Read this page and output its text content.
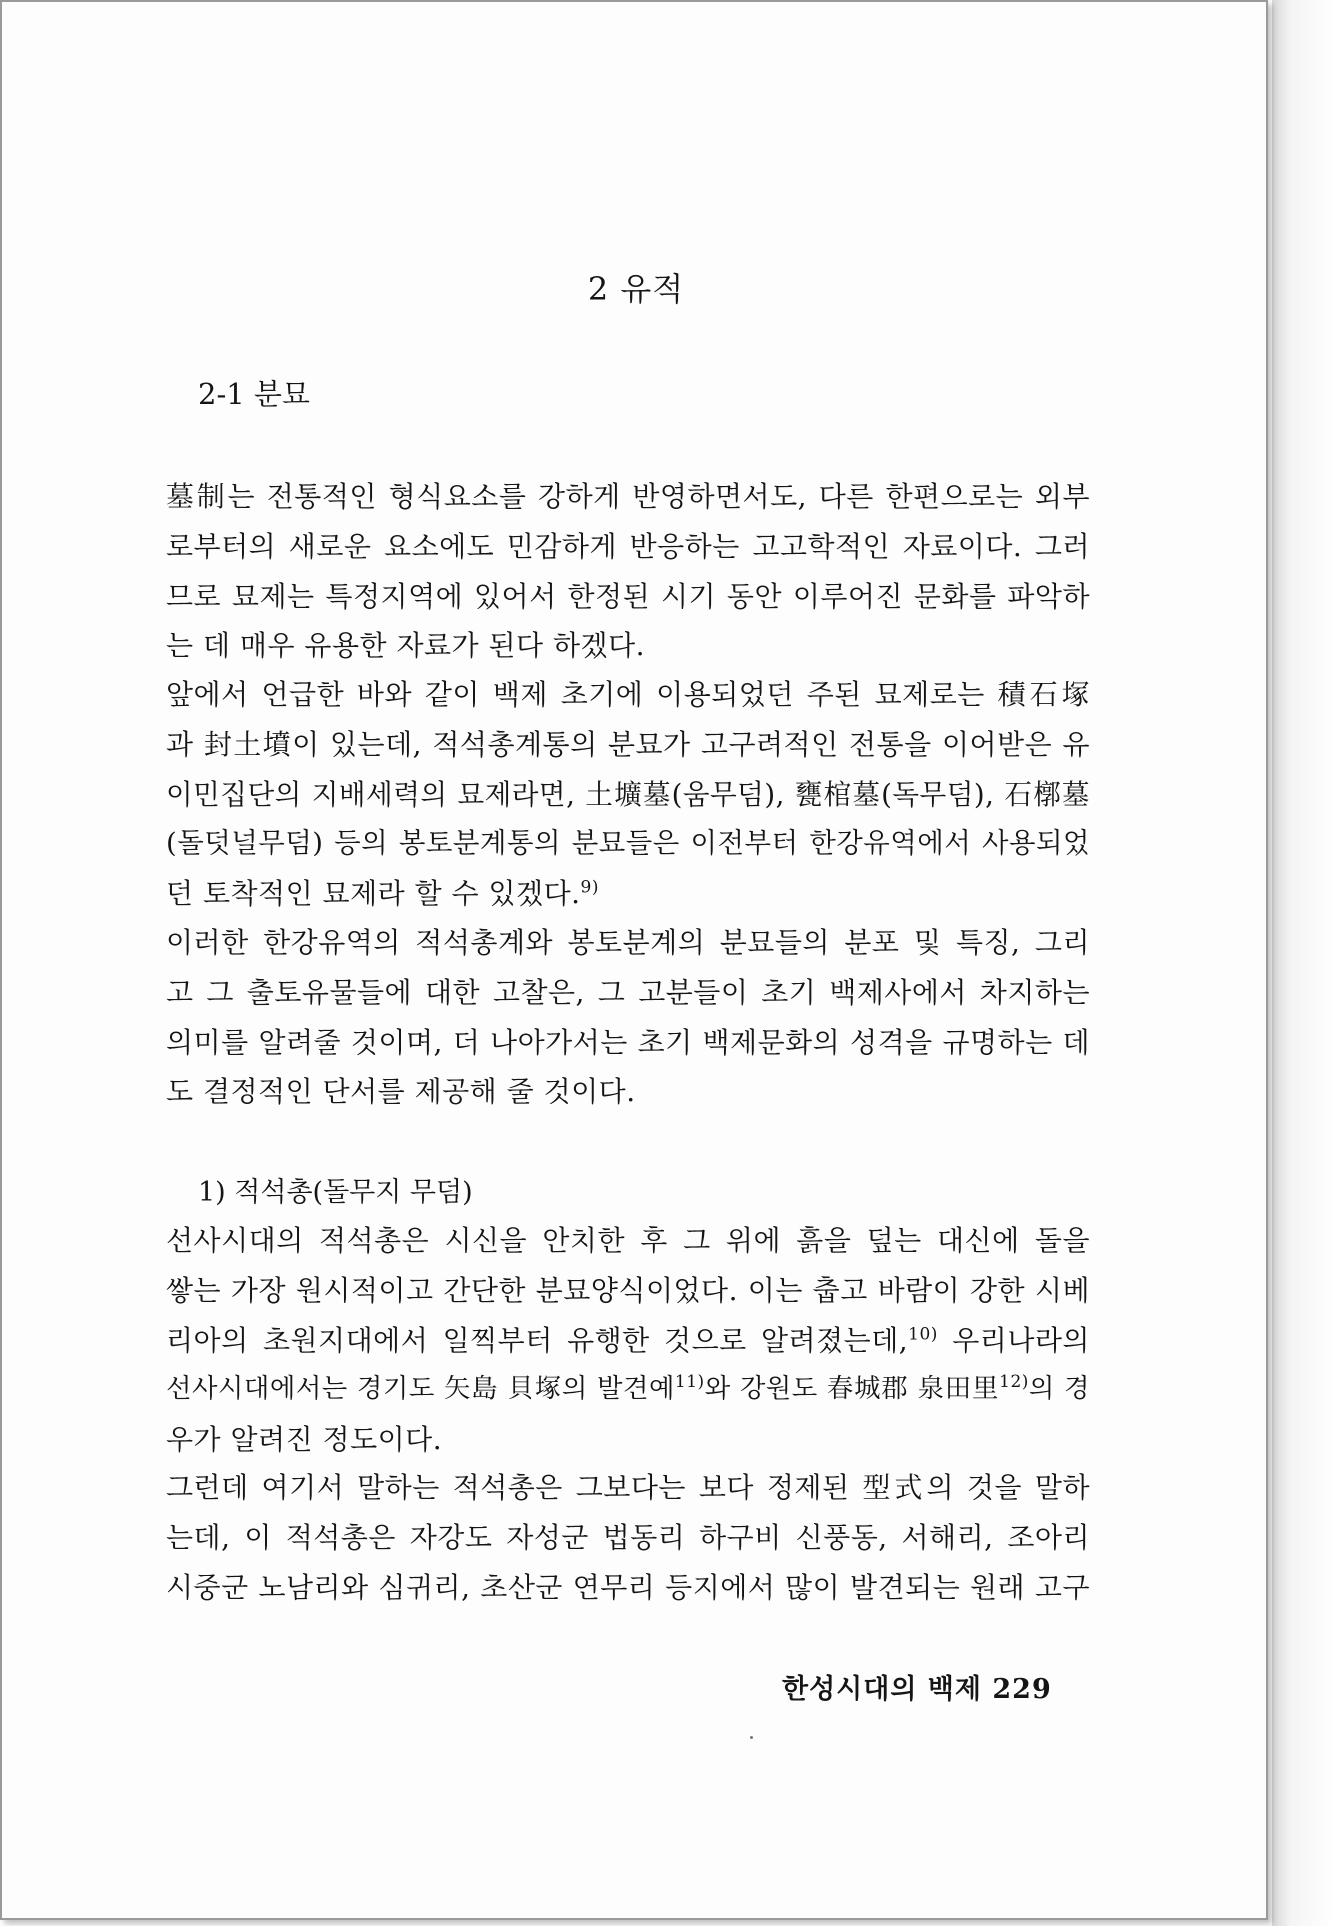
2 유적
2-1 분묘
墓制는 전통적인 형식요소를 강하게 반영하면서도, 다른 한편으로는 외부
로부터의 새로운 요소에도 민감하게 반응하는 고고학적인 자료이다. 그러
므로 묘제는 특정지역에 있어서 한정된 시기 동안 이루어진 문화를 파악하
는 데 매우 유용한 자료가 된다 하겠다.
앞에서 언급한 바와 같이 백제 초기에 이용되었던 주된 묘제로는 積石塚
과 封土墳이 있는데, 적석총계통의 분묘가 고구려적인 전통을 이어받은 유
이민집단의 지배세력의 묘제라면, 土壙墓(움무덤), 甕棺墓(독무덤), 石槨墓
(돌덧널무덤) 등의 봉토분계통의 분묘들은 이전부터 한강유역에서 사용되었
던 토착적인 묘제라 할 수 있겠다.$^{9)}$
이러한 한강유역의 적석총계와 봉토분계의 분묘들의 분포 및 특징, 그리
고 그 출토유물들에 대한 고찰은, 그 고분들이 초기 백제사에서 차지하는
의미를 알려줄 것이며, 더 나아가서는 초기 백제문화의 성격을 규명하는 데
도 결정적인 단서를 제공해 줄 것이다.
1) 적석총(돌무지 무덤)
선사시대의 적석총은 시신을 안치한 후 그 위에 흙을 덮는 대신에 돌을
쌓는 가장 원시적이고 간단한 분묘양식이었다. 이는 춥고 바람이 강한 시베
리아의 초원지대에서 일찍부터 유행한 것으로 알려졌는데,$^{10)}$ 우리나라의
선사시대에서는 경기도 矢島 貝塚의 발견예$^{11)}$와 강원도 春城郡 泉田里$^{12)}$의 경
우가 알려진 정도이다.
그런데 여기서 말하는 적석총은 그보다는 보다 정제된 型式의 것을 말하
는데, 이 적석총은 자강도 자성군 법동리 하구비 신풍동, 서해리, 조아리
시중군 노남리와 심귀리, 초산군 연무리 등지에서 많이 발견되는 원래 고구
한성시대의 백제 229
